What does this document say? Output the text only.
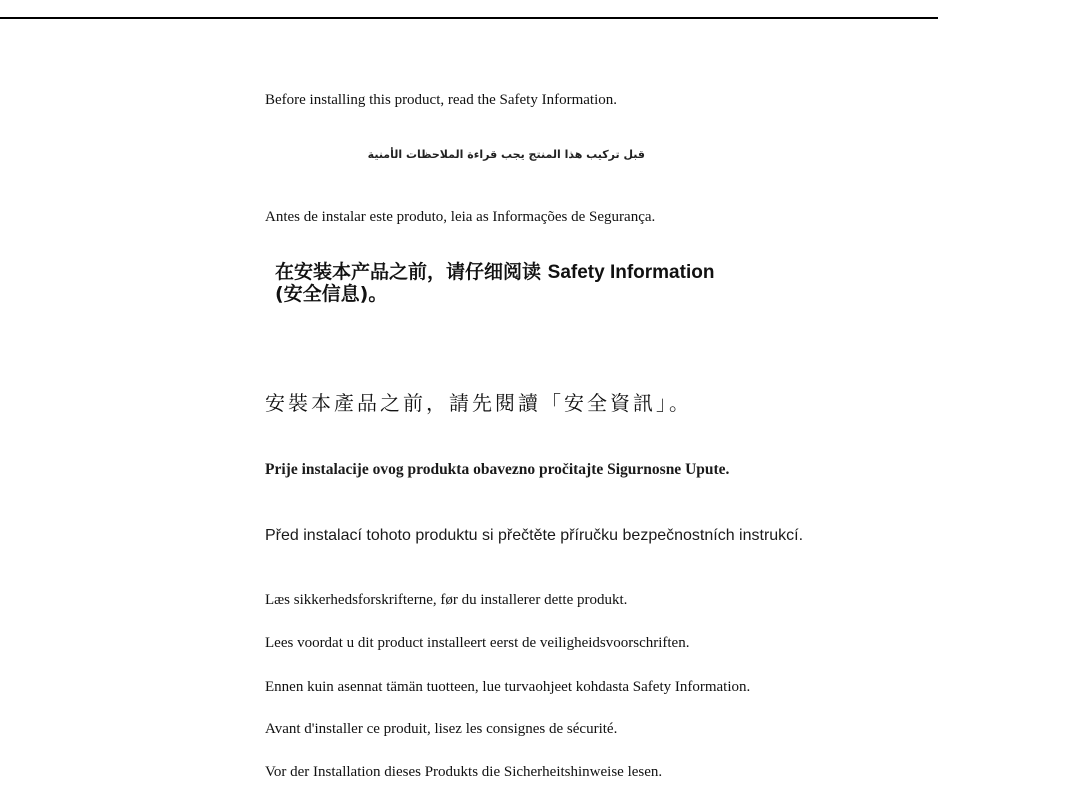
Before installing this product, read the Safety Information.

قبل تركيب هذا المنتج يجب قراءة الملاحظات الأمنية

Antes de instalar este produto, leia as Informações de Segurança.

在安装本产品之前，请仔细阅读 Safety Information
(安全信息)。

安裝本產品之前，請先閱讀「安全資訊」。

Prije instalacije ovog produkta obavezno pročitajte Sigurnosne Upute.

Před instalací tohoto produktu si přečtěte příručku bezpečnostních instrukcí.

Læs sikkerhedsforskrifterne, før du installerer dette produkt.

Lees voordat u dit product installeert eerst de veiligheidsvoorschriften.

Ennen kuin asennat tämän tuotteen, lue turvaohjeet kohdasta Safety Information.

Avant d'installer ce produit, lisez les consignes de sécurité.

Vor der Installation dieses Produkts die Sicherheitshinweise lesen.
